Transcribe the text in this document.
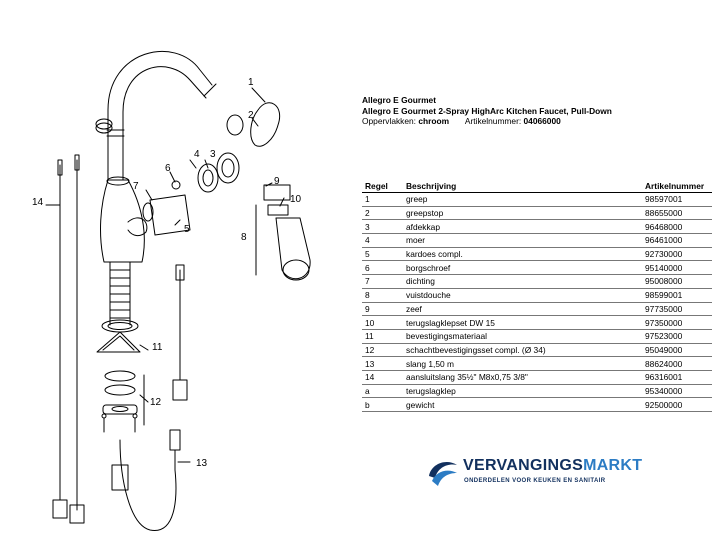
1
2
3
4
5
6
7
8
9
10
11
12
13
14
Allegro E Gourmet
Allegro E Gourmet 2-Spray HighArc Kitchen Faucet, Pull-Down
Oppervlakken: chroom Artikelnummer: 04066000
Regel	Beschrijving	Artikelnummer
1	greep	98597001
2	greepstop	88655000
3	afdekkap	96468000
4	moer	96461000
5	kardoes compl.	92730000
6	borgschroef	95140000
7	dichting	95008000
8	vuistdouche	98599001
9	zeef	97735000
10	terugslagklepset DW 15	97350000
11	bevestigingsmateriaal	97523000
12	schachtbevestigingsset compl. (Ø 34)	95049000
13	slang 1,50 m	88624000
14	aansluitslang 35½" M8x0,75 3/8"	96316001
a	terugslagklep	95340000
b	gewicht	92500000
VERVANGINGSMARKT
ONDERDELEN VOOR KEUKEN EN SANITAIR
